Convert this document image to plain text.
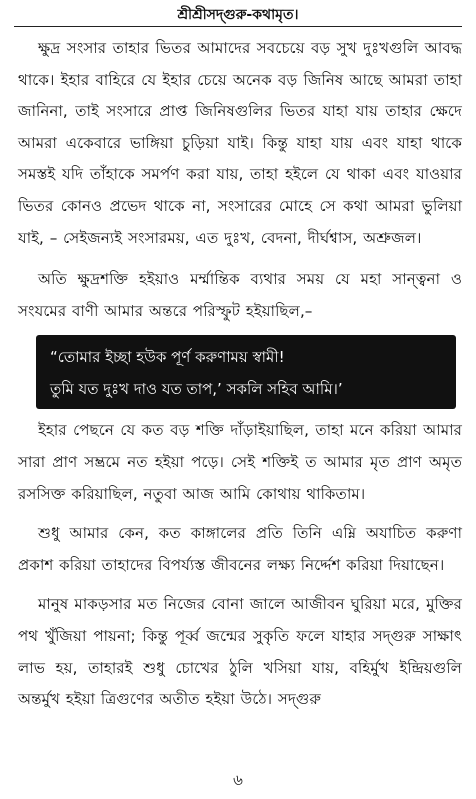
শ্রীশ্রীসদ্গুরু-কথামৃত।

ক্ষুদ্র সংসার তাহার ভিতর আমাদের সবচেয়ে বড় সুখ দুঃখগুলি আবদ্ধ থাকে। ইহার বাহিরে যে ইহার চেয়ে অনেক বড় জিনিষ আছে আমরা তাহা জানিনা, তাই সংসারে প্রাপ্ত জিনিষগুলির ভিতর যাহা যায় তাহার ক্ষেদে আমরা একেবারে ভাঙ্গিয়া চুড়িয়া যাই। কিন্তু যাহা যায় এবং যাহা থাকে সমস্তই যদি তাঁহাকে সমর্পণ করা যায়, তাহা হইলে যে থাকা এবং যাওয়ার ভিতর কোনও প্রভেদ থাকে না, সংসারের মোহে সে কথা আমরা ভুলিয়া যাই, – সেইজন্যই সংসারময়, এত দুঃখ, বেদনা, দীর্ঘশ্বাস, অশ্রুজল।

অতি ক্ষুদ্রশক্তি হইয়াও মর্ম্মান্তিক ব্যথার সময় যে মহা সান্ত্বনা ও সংযমের বাণী আমার অন্তরে পরিস্ফুট হইয়াছিল,–

“তোমার ইচ্ছা হউক পূর্ণ করুণাময় স্বামী!
তুমি যত দুঃখ দাও যত তাপ,’ সকলি সহিব আমি।’

ইহার পেছনে যে কত বড় শক্তি দাঁড়াইয়াছিল, তাহা মনে করিয়া আমার সারা প্রাণ সম্ভ্রমে নত হইয়া পড়ে। সেই শক্তিই ত আমার মৃত প্রাণ অমৃত রসসিক্ত করিয়াছিল, নতুবা আজ আমি কোথায় থাকিতাম।

শুধু আমার কেন, কত কাঙ্গালের প্রতি তিনি এম্নি অযাচিত করুণা প্রকাশ করিয়া তাহাদের বিপর্য্যস্ত জীবনের লক্ষ্য নির্দ্দেশ করিয়া দিয়াছেন।

মানুষ মাকড়সার মত নিজের বোনা জালে আজীবন ঘুরিয়া মরে, মুক্তির পথ খুঁজিয়া পায়না; কিন্তু পূর্ব্ব জন্মের সুকৃতি ফলে যাহার সদ্গুরু সাক্ষাৎ লাভ হয়, তাহারই শুধু চোখের ঠুলি খসিয়া যায়, বহির্মুখ ইন্দ্রিয়গুলি অন্তর্মুখ হইয়া ত্রিগুণের অতীত হইয়া উঠে। সদ্গুরু

৬
